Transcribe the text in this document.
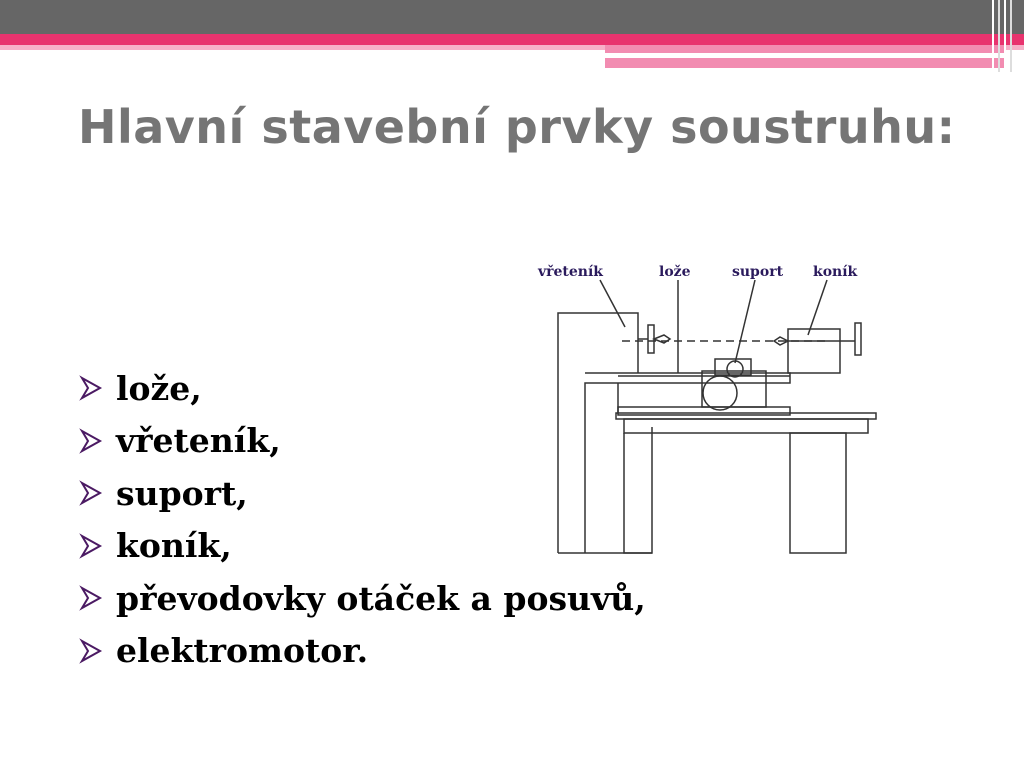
Hlavní stavební prvky soustruhu:
lože,
vřeteník,
suport,
koník,
převodovky otáček a posuvů,
elektromotor.
vřeteník	lože	suport koník
